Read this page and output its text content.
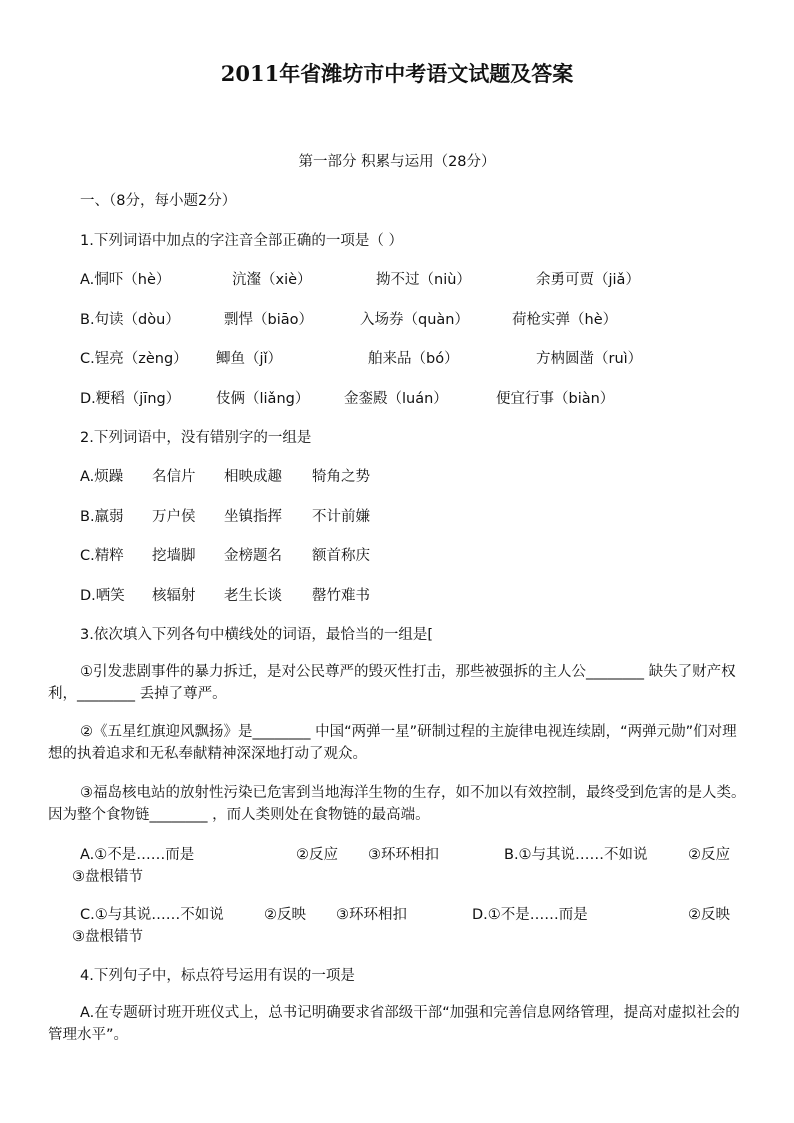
2011年省潍坊市中考语文试题及答案
第一部分 积累与运用（28分）
一、（8分，每小题2分）
1.下列词语中加点的字注音全部正确的一项是（ ）
A.恫吓（hè）	沆瀣（xiè）	拗不过（niù）	余勇可贾（jiǎ）
B.句读（dòu）	剽悍（biāo）	入场券（quàn）	荷枪实弹（hè）
C.锃亮（zèng） 鲫鱼（jǐ）	舶来品（bó）	方枘圆凿（ruì）
D.粳稻（jīng） 伎俩（liǎng） 金銮殿（luán）	便宜行事（biàn）
2.下列词语中，没有错别字的一组是
A.烦躁 名信片 相映成趣 犄角之势
B.羸弱 万户侯 坐镇指挥 不计前嫌
C.精粹 挖墙脚 金榜题名 额首称庆
D.哂笑 核辐射 老生长谈 罄竹难书
3.依次填入下列各句中横线处的词语，最恰当的一组是[
①引发悲剧事件的暴力拆迁，是对公民尊严的毁灭性打击，那些被强拆的主人公________ 缺失了财产权利，________ 丢掉了尊严。
②《五星红旗迎风飘扬》是________ 中国“两弹一星”研制过程的主旋律电视连续剧，“两弹元勋”们对理想的执着追求和无私奉献精神深深地打动了观众。
③福岛核电站的放射性污染已危害到当地海洋生物的生存，如不加以有效控制，最终受到危害的是人类。因为整个食物链________ ，而人类则处在食物链的最高端。
A.①不是……而是	②反应 ③环环相扣	B.①与其说……不如说	②反应
③盘根错节
C.①与其说……不如说	②反映 ③环环相扣	D.①不是……而是	②反映
③盘根错节
4.下列句子中，标点符号运用有误的一项是
A.在专题研讨班开班仪式上，总书记明确要求省部级干部“加强和完善信息网络管理，提高对虚拟社会的管理水平”。
